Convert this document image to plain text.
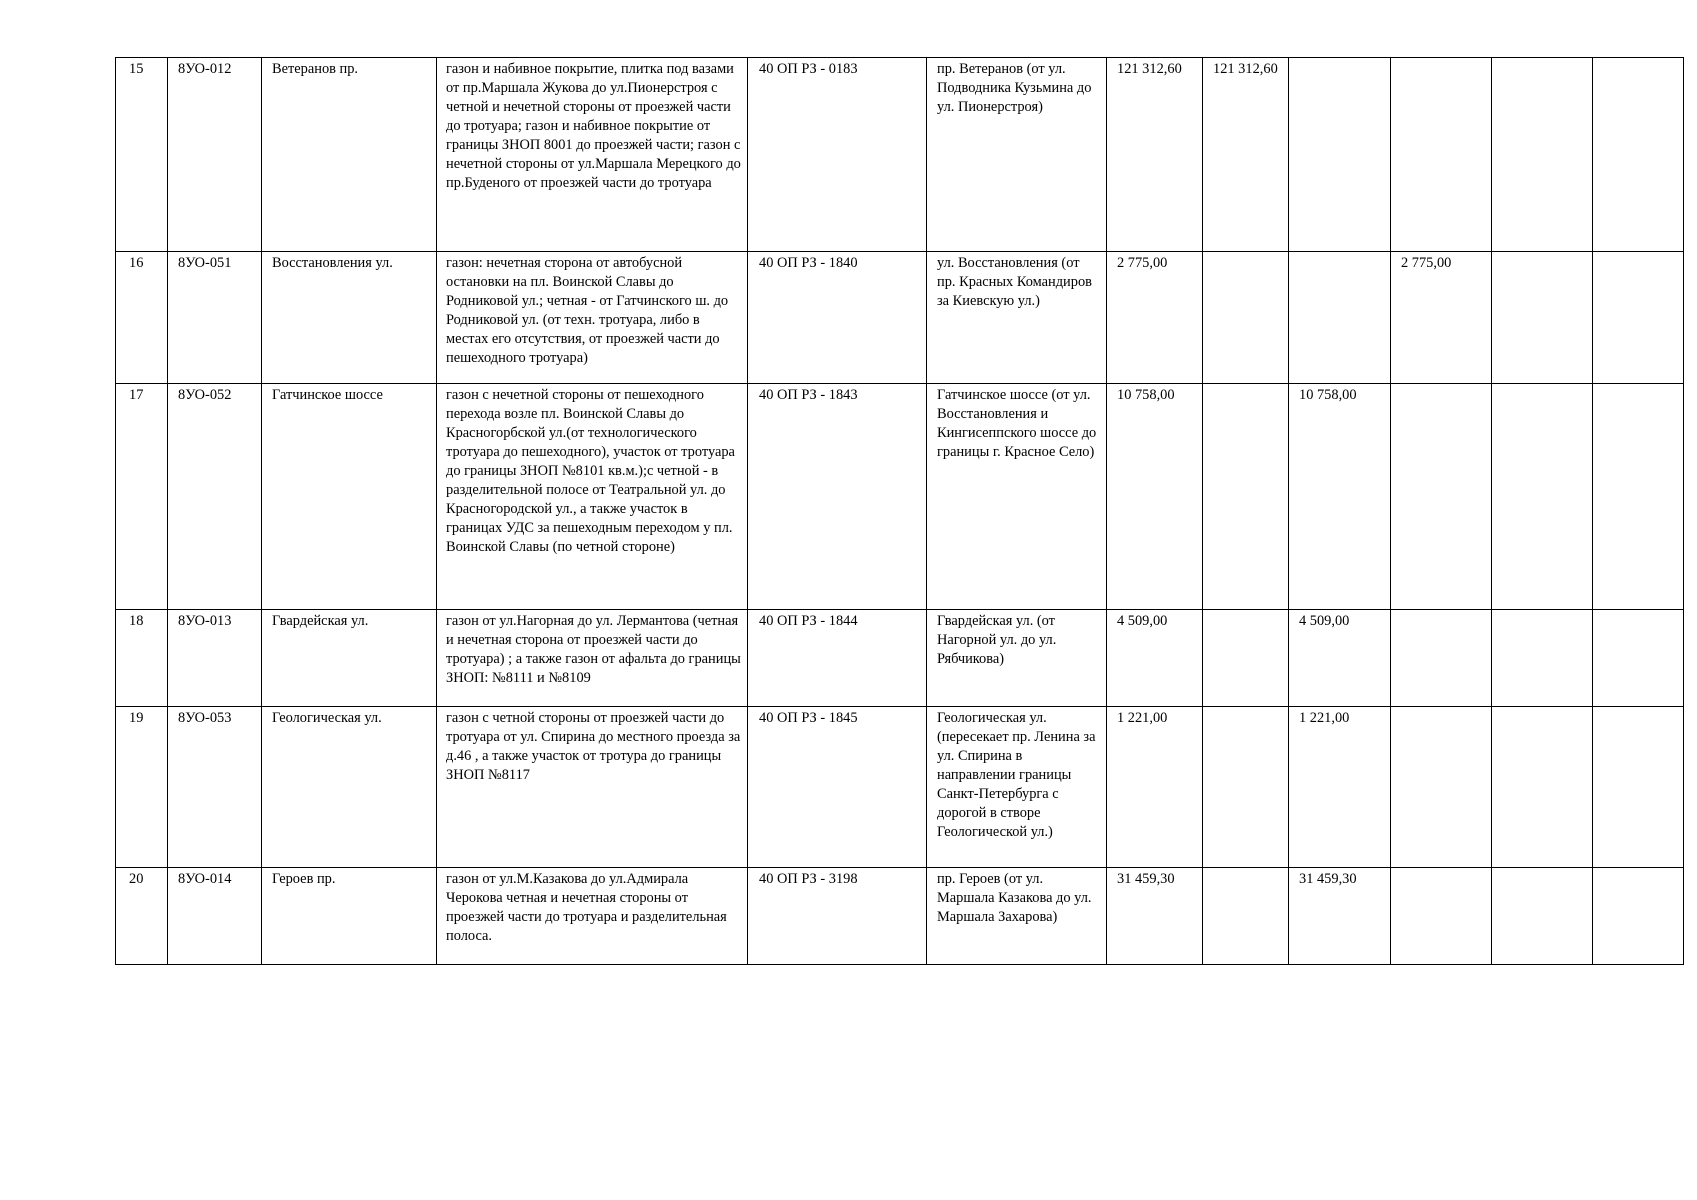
15	8УО-012	Ветеранов пр.	газон и набивное покрытие, плитка под вазами от пр.Маршала Жукова до ул.Пионерстроя с четной и нечетной стороны от проезжей части до тротуара; газон и набивное покрытие от границы ЗНОП 8001 до проезжей части; газон с нечетной стороны от ул.Маршала Мерецкого до пр.Буденого от проезжей части до тротуара	40 ОП РЗ - 0183	пр. Ветеранов (от ул. Подводника Кузьмина до ул. Пионерстроя)	121 312,60	121 312,60				
16	8УО-051	Восстановления ул.	газон: нечетная сторона от автобусной остановки на пл. Воинской Славы до Родниковой ул.; четная - от Гатчинского ш. до Родниковой ул. (от техн. тротуара, либо в местах его отсутствия, от проезжей части до пешеходного тротуара)	40 ОП РЗ - 1840	ул. Восстановления (от пр. Красных Командиров за Киевскую ул.)	2 775,00			2 775,00		
17	8УО-052	Гатчинское шоссе	газон с нечетной стороны от пешеходного перехода возле пл. Воинской Славы до Красногорбской ул.(от технологического тротуара до пешеходного), участок от тротуара до границы ЗНОП №8101 кв.м.);с четной - в разделительной полосе от Театральной ул. до Красногородской ул., а также участок в границах УДС за пешеходным переходом у пл. Воинской Славы (по четной стороне)	40 ОП РЗ - 1843	Гатчинское шоссе (от ул. Восстановления и Кингисеппского шоссе до границы г. Красное Село)	10 758,00		10 758,00			
18	8УО-013	Гвардейская ул.	газон от ул.Нагорная до ул. Лермантова (четная и нечетная сторона от проезжей части до тротуара) ; а также газон от афальта до границы ЗНОП: №8111 и №8109	40 ОП РЗ - 1844	Гвардейская ул. (от Нагорной ул. до ул. Рябчикова)	4 509,00		4 509,00			
19	8УО-053	Геологическая ул.	газон с четной стороны от проезжей части до тротуара от ул. Спирина до местного проезда за д.46 , а также участок от тротура до границы ЗНОП №8117	40 ОП РЗ - 1845	Геологическая ул. (пересекает пр. Ленина за ул. Спирина в направлении границы Санкт-Петербурга с дорогой в створе Геологической ул.)	1 221,00		1 221,00			
20	8УО-014	Героев пр.	газон от ул.М.Казакова до ул.Адмирала Черокова четная и нечетная стороны от проезжей части до тротуара и разделительная полоса.	40 ОП РЗ - 3198	пр. Героев (от ул. Маршала Казакова до ул. Маршала Захарова)	31 459,30		31 459,30			
